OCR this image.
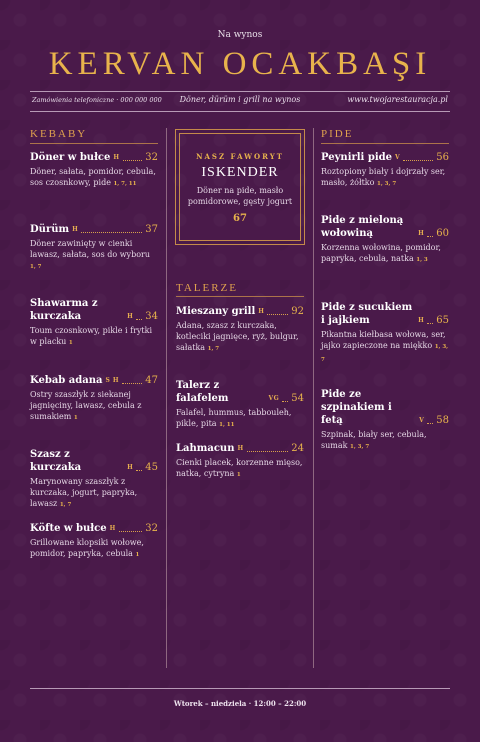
Na wynos
KERVAN OCAKBAŞI
Zamówienia telefoniczne · 000 000 000	Döner, dürüm i grill na wynos	www.twojarestauracja.pl
KEBABY
TALERZE
PIDE
Döner w bułce H	32
Döner, sałata, pomidor, cebula, sos czosnkowy, pide 1, 7, 11
Dürüm H	37
Döner zawinięty w cienki lawasz, sałata, sos do wyboru 1, 7
Shawarma z kurczaka	H 34
Toum czosnkowy, pikle i frytki w placku 1
Kebab adana S H	47
Ostry szaszłyk z siekanej jagnięciny, lawasz, cebula z sumakiem 1
Szasz z kurczaka	H 45
Marynowany szaszłyk z kurczaka, jogurt, papryka, lawasz 1, 7
Köfte w bułce H	32
Grillowane klopsiki wołowe, pomidor, papryka, cebula 1
NASZ FAWORYT
ISKENDER
Döner na pide, masło pomidorowe, gęsty jogurt
67
Mieszany grill H	92
Adana, szasz z kurczaka, kotleciki jagnięce, ryż, bulgur, sałatka 1, 7
Talerz z falafelem	VG 54
Falafel, hummus, tabbouleh, pikle, pita 1, 11
Lahmacun H	24
Cienki placek, korzenne mięso, natka, cytryna 1
Peynirli pide V	56
Roztopiony biały i dojrzały ser, masło, żółtko 1, 3, 7
Pide z mieloną wołowiną	H 60
Korzenna wołowina, pomidor, papryka, cebula, natka 1, 3
Pide z sucukiem i jajkiem	H 65
Pikantna kiełbasa wołowa, ser, jajko zapieczone na miękko 1, 3, 7
Pide ze szpinakiem i fetą	V 58
Szpinak, biały ser, cebula, sumak 1, 3, 7
Wtorek – niedziela · 12:00 – 22:00
